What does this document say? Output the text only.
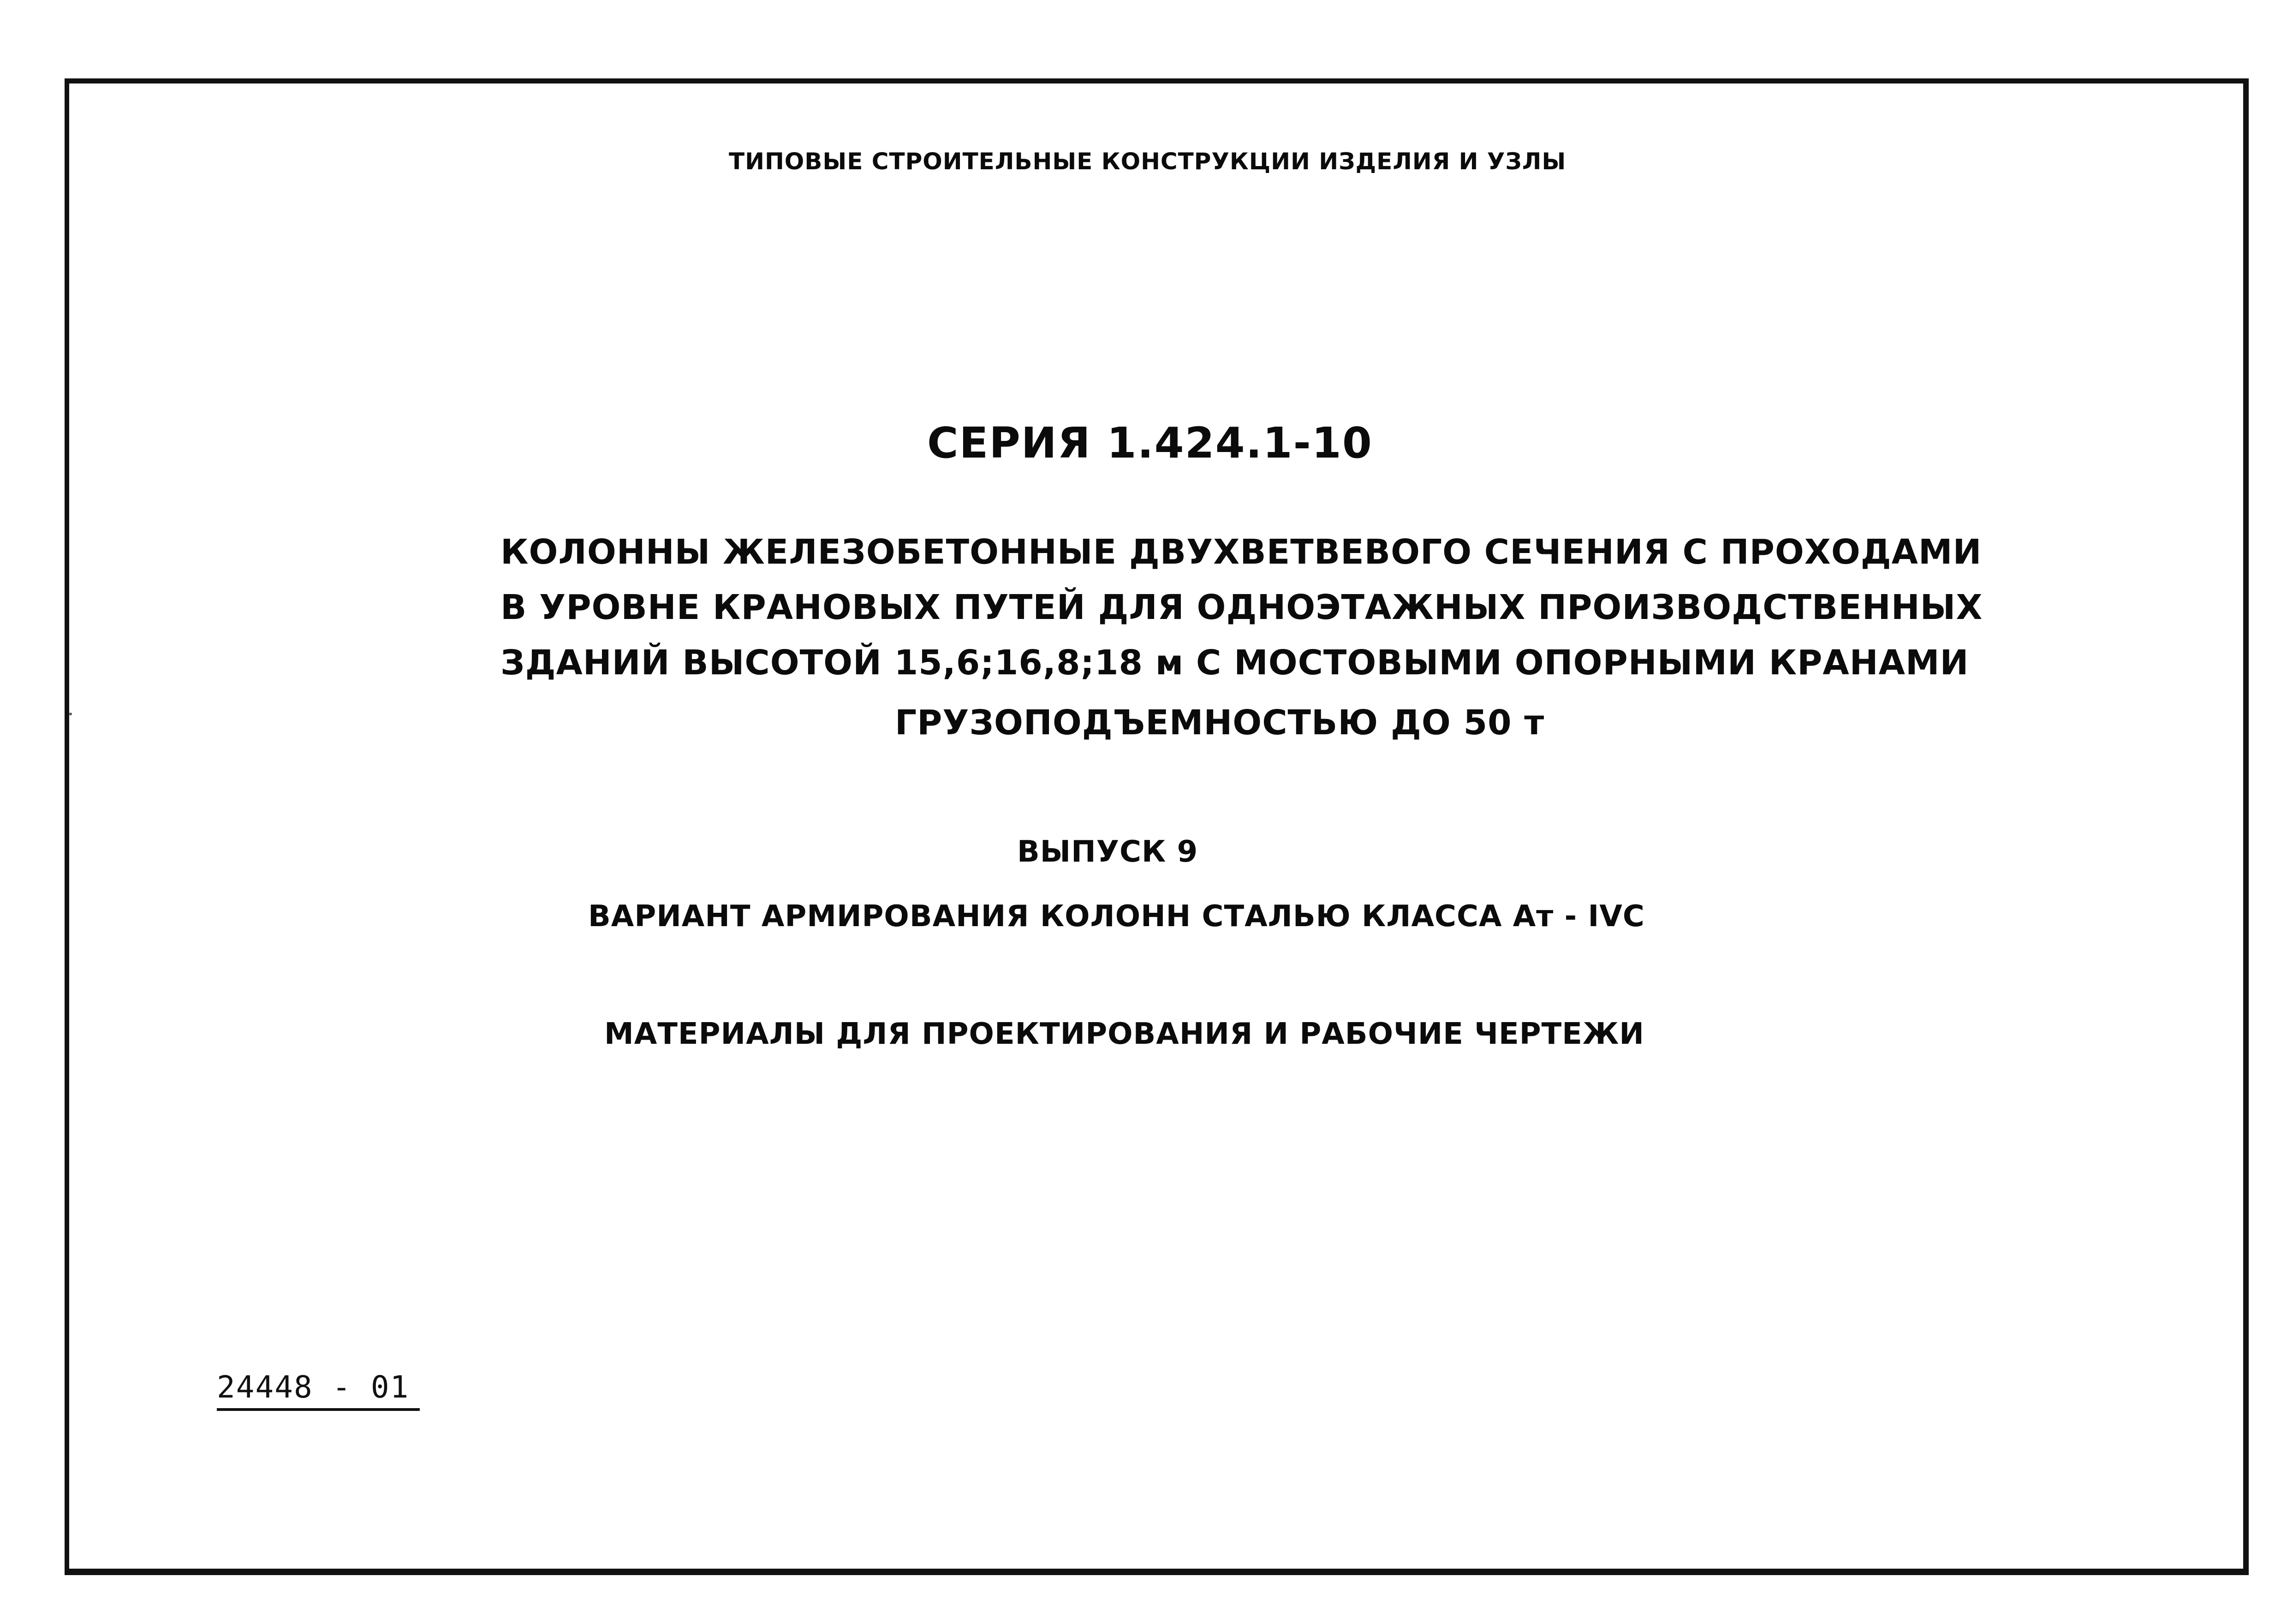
ТИПОВЫЕ СТРОИТЕЛЬНЫЕ КОНСТРУКЦИИ ИЗДЕЛИЯ И УЗЛЫ
СЕРИЯ 1.424.1-10
КОЛОННЫ ЖЕЛЕЗОБЕТОННЫЕ ДВУХВЕТВЕВОГО СЕЧЕНИЯ С ПРОХОДАМИ
В УРОВНЕ КРАНОВЫХ ПУТЕЙ ДЛЯ ОДНОЭТАЖНЫХ ПРОИЗВОДСТВЕННЫХ
ЗДАНИЙ ВЫСОТОЙ 15,6;16,8;18 м С МОСТОВЫМИ ОПОРНЫМИ КРАНАМИ
ГРУЗОПОДЪЕМНОСТЬЮ ДО 50 т
ВЫПУСК 9
ВАРИАНТ АРМИРОВАНИЯ КОЛОНН СТАЛЬЮ КЛАССА Ат - IVC
МАТЕРИАЛЫ ДЛЯ ПРОЕКТИРОВАНИЯ И РАБОЧИЕ ЧЕРТЕЖИ
24448 - 01
